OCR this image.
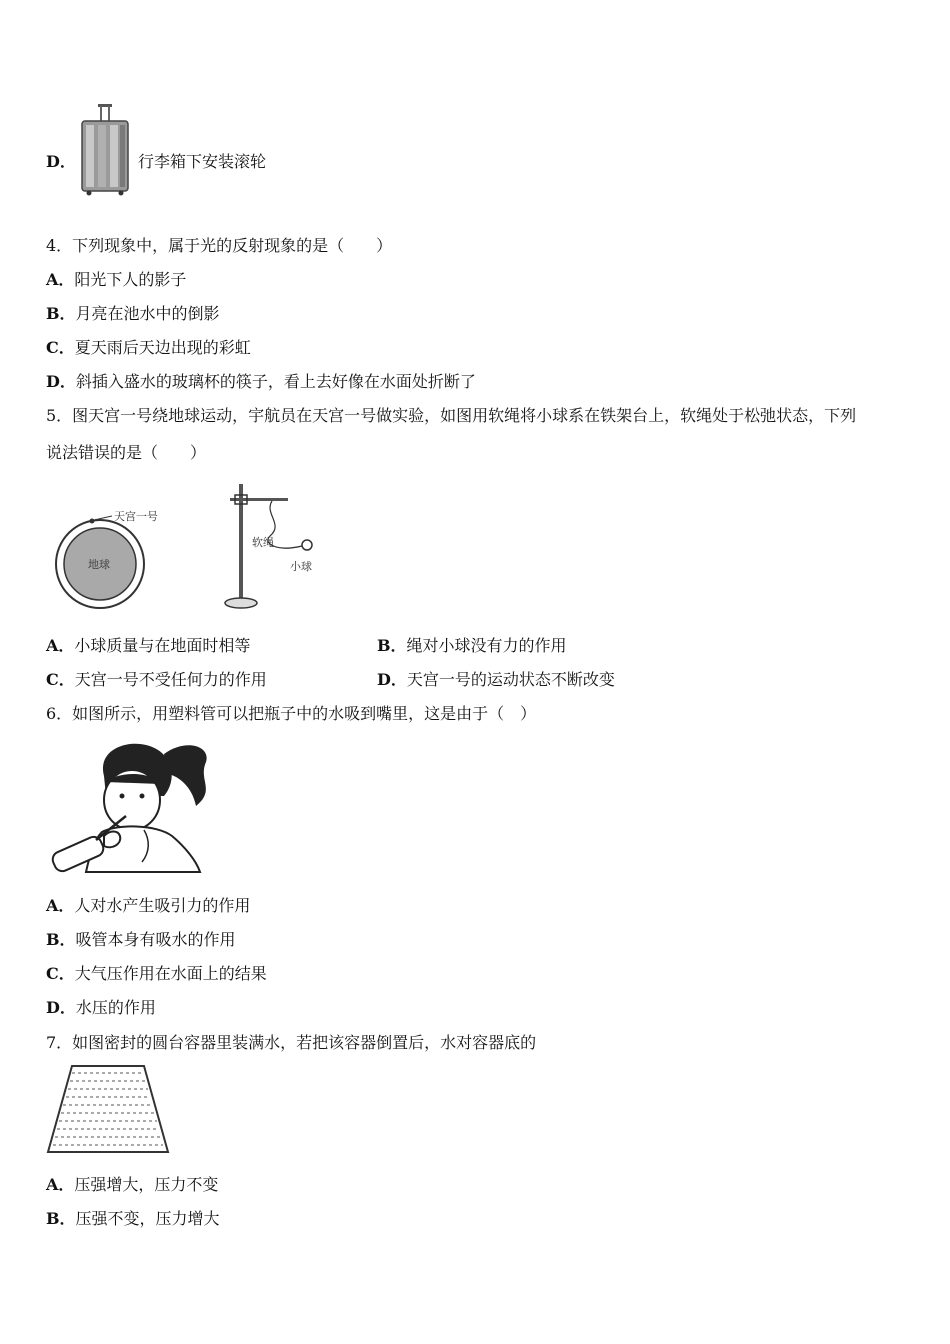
D．	行李箱下安装滚轮
4．下列现象中，属于光的反射现象的是（　　）
A．阳光下人的影子
B．月亮在池水中的倒影
C．夏天雨后天边出现的彩虹
D．斜插入盛水的玻璃杯的筷子，看上去好像在水面处折断了
5．图天宫一号绕地球运动，宇航员在天宫一号做实验，如图用软绳将小球系在铁架台上，软绳处于松弛状态，下列
说法错误的是（　　）
天宫一号
地球
软绳
小球
A．小球质量与在地面时相等	B．绳对小球没有力的作用
C．天宫一号不受任何力的作用	D．天宫一号的运动状态不断改变
6．如图所示，用塑料管可以把瓶子中的水吸到嘴里，这是由于（　）
A．人对水产生吸引力的作用
B．吸管本身有吸水的作用
C．大气压作用在水面上的结果
D．水压的作用
7．如图密封的圆台容器里装满水，若把该容器倒置后，水对容器底的
A．压强增大，压力不变
B．压强不变，压力增大
